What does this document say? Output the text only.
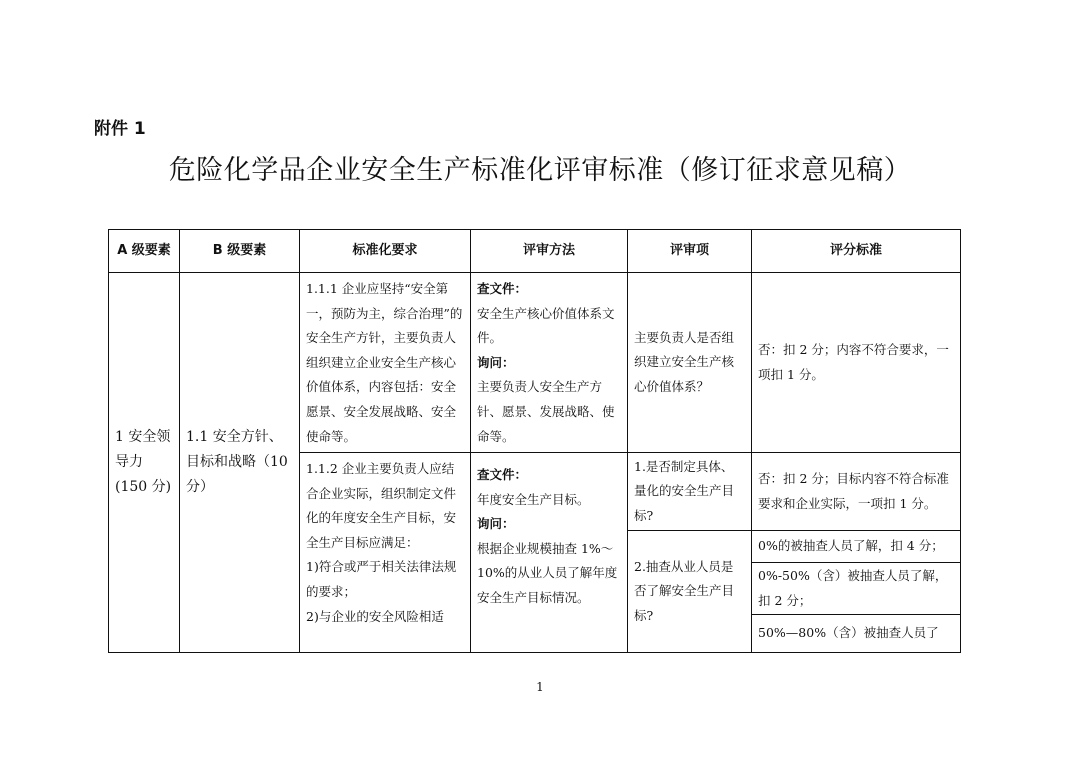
附件 1
危险化学品企业安全生产标准化评审标准（修订征求意见稿）
A 级要素	B 级要素	标准化要求	评审方法	评审项	评分标准
1 安全领导力 (150 分)	1.1 安全方针、目标和战略（10 分）	1.1.1 企业应坚持“安全第一，预防为主，综合治理”的安全生产方针，主要负责人组织建立企业安全生产核心价值体系，内容包括：安全愿景、安全发展战略、安全使命等。	查文件：
安全生产核心价值体系文件。
询问：
主要负责人安全生产方针、愿景、发展战略、使命等。	主要负责人是否组织建立安全生产核心价值体系？	否：扣 2 分；内容不符合要求，一项扣 1 分。

		1.1.2 企业主要负责人应结合企业实际，组织制定文件化的年度安全生产目标，安全生产目标应满足：
1)符合或严于相关法律法规的要求；
2)与企业的安全风险相适	查文件：
年度安全生产目标。
询问：
根据企业规模抽查 1%～10%的从业人员了解年度安全生产目标情况。	1.是否制定具体、量化的安全生产目标?	否：扣 2 分；目标内容不符合标准要求和企业实际，一项扣 1 分。
				2.抽查从业人员是否了解安全生产目标?	0%的被抽查人员了解，扣 4 分；
					0%-50%（含）被抽查人员了解，扣 2 分；
					50%—80%（含）被抽查人员了
1
